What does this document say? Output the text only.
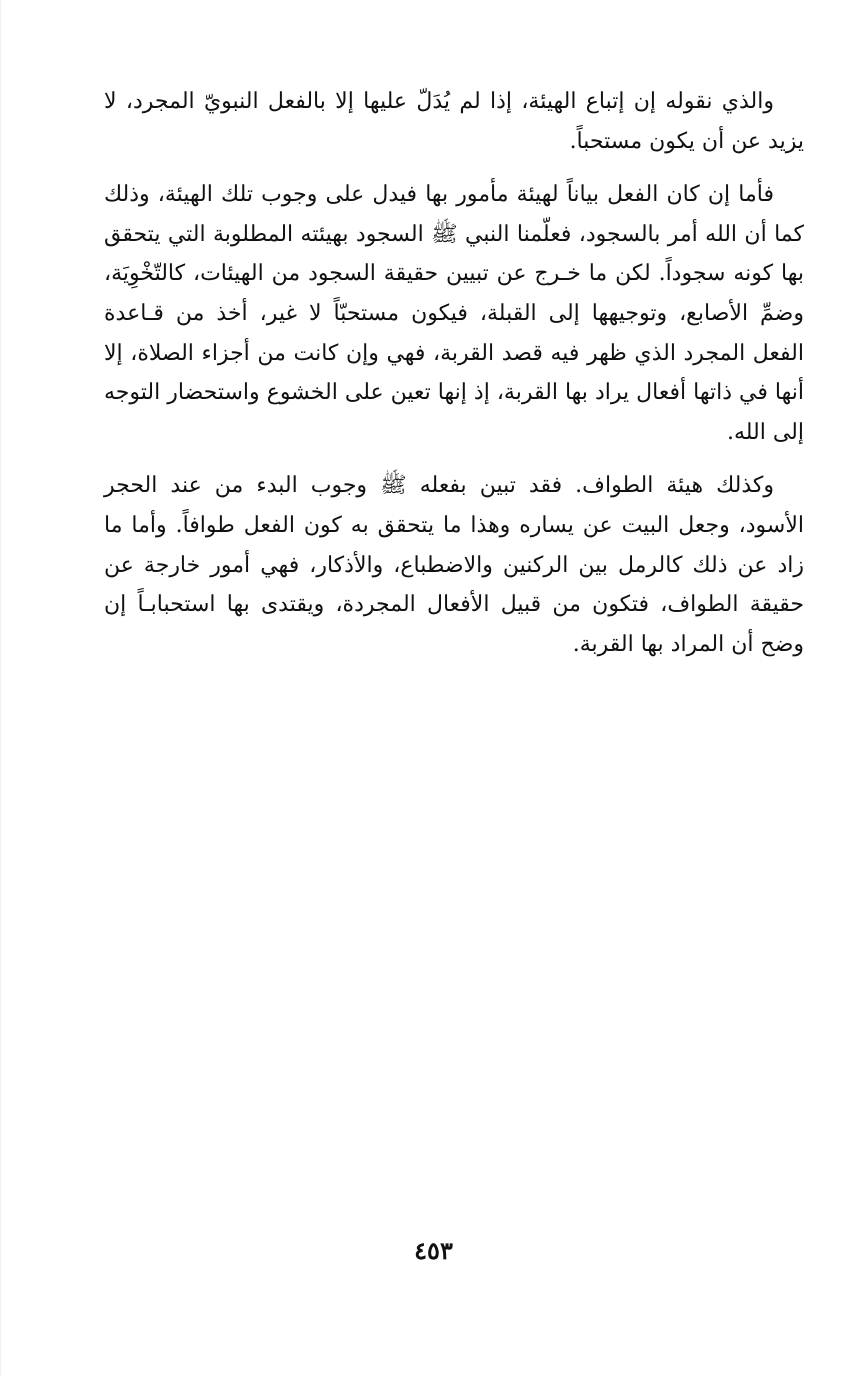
والذي نقوله إن إتباع الهيئة، إذا لم يُدَلّ عليها إلا بالفعل النبويّ المجرد، لا يزيد عن أن يكون مستحباً.

فأما إن كان الفعل بياناً لهيئة مأمور بها فيدل على وجوب تلك الهيئة، وذلك كما أن الله أمر بالسجود، فعلّمنا النبي ﷺ السجود بهيئته المطلوبة التي يتحقق بها كونه سجوداً. لكن ما خـرج عن تبيين حقيقة السجود من الهيئات، كالتّخْوِيَة، وضمِّ الأصابع، وتوجيهها إلى القبلة، فيكون مستحبّاً لا غير، أخذ من قـاعدة الفعل المجرد الذي ظهر فيه قصد القربة، فهي وإن كانت من أجزاء الصلاة، إلا أنها في ذاتها أفعال يراد بها القربة، إذ إنها تعين على الخشوع واستحضار التوجه إلى الله.

وكذلك هيئة الطواف. فقد تبين بفعله ﷺ وجوب البدء من عند الحجر الأسود، وجعل البيت عن يساره وهذا ما يتحقق به كون الفعل طوافاً. وأما ما زاد عن ذلك كالرمل بين الركنين والاضطباع، والأذكار، فهي أمور خارجة عن حقيقة الطواف، فتكون من قبيل الأفعال المجردة، ويقتدى بها استحبابـاً إن وضح أن المراد بها القربة.

٤٥٣
